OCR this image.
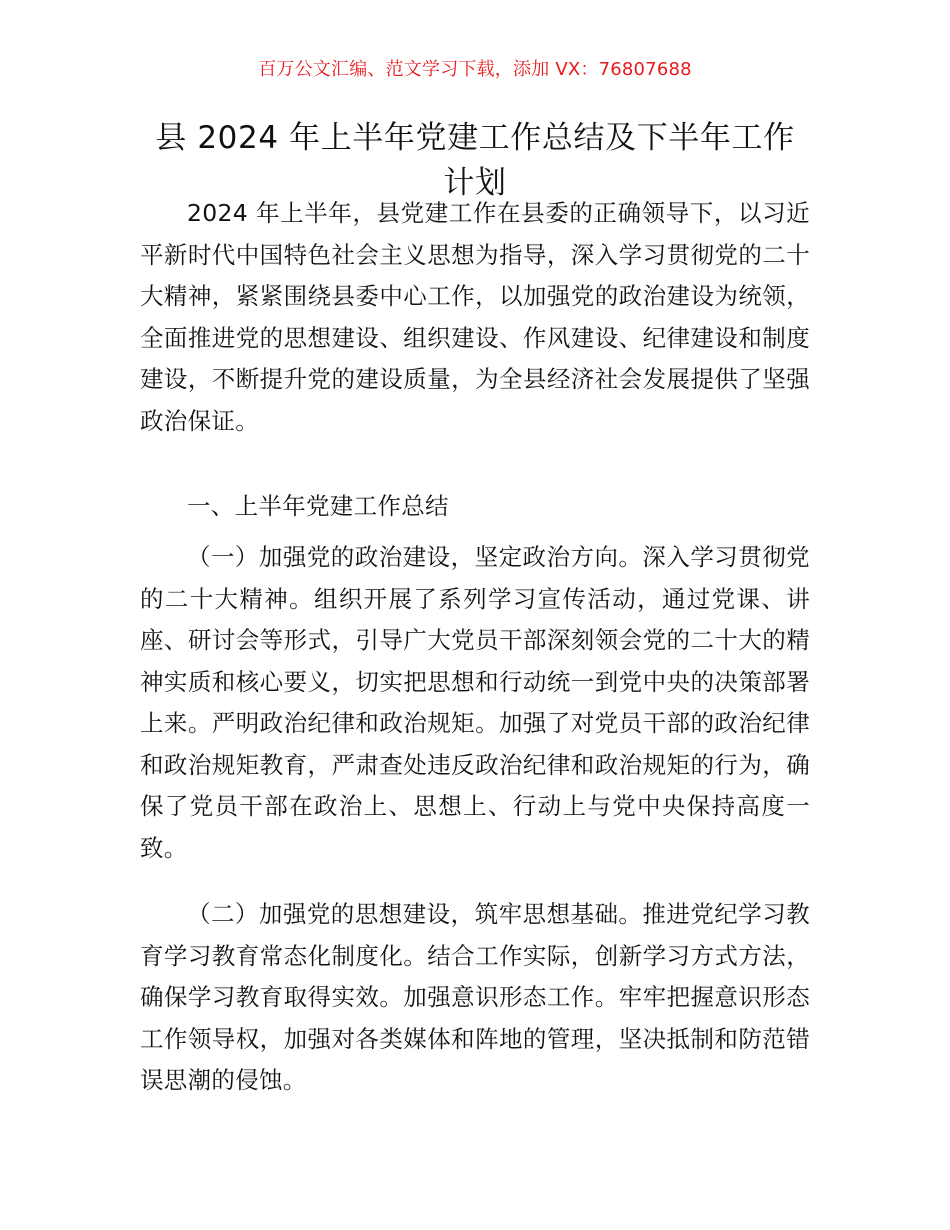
百万公文汇编、范文学习下载，添加 VX：76807688
县 2024 年上半年党建工作总结及下半年工作计划

2024 年上半年，县党建工作在县委的正确领导下，以习近平新时代中国特色社会主义思想为指导，深入学习贯彻党的二十大精神，紧紧围绕县委中心工作，以加强党的政治建设为统领，全面推进党的思想建设、组织建设、作风建设、纪律建设和制度建设，不断提升党的建设质量，为全县经济社会发展提供了坚强政治保证。

一、上半年党建工作总结

（一）加强党的政治建设，坚定政治方向。深入学习贯彻党的二十大精神。组织开展了系列学习宣传活动，通过党课、讲座、研讨会等形式，引导广大党员干部深刻领会党的二十大的精神实质和核心要义，切实把思想和行动统一到党中央的决策部署上来。严明政治纪律和政治规矩。加强了对党员干部的政治纪律和政治规矩教育，严肃查处违反政治纪律和政治规矩的行为，确保了党员干部在政治上、思想上、行动上与党中央保持高度一致。

（二）加强党的思想建设，筑牢思想基础。推进党纪学习教育学习教育常态化制度化。结合工作实际，创新学习方式方法，确保学习教育取得实效。加强意识形态工作。牢牢把握意识形态工作领导权，加强对各类媒体和阵地的管理，坚决抵制和防范错误思潮的侵蚀。
